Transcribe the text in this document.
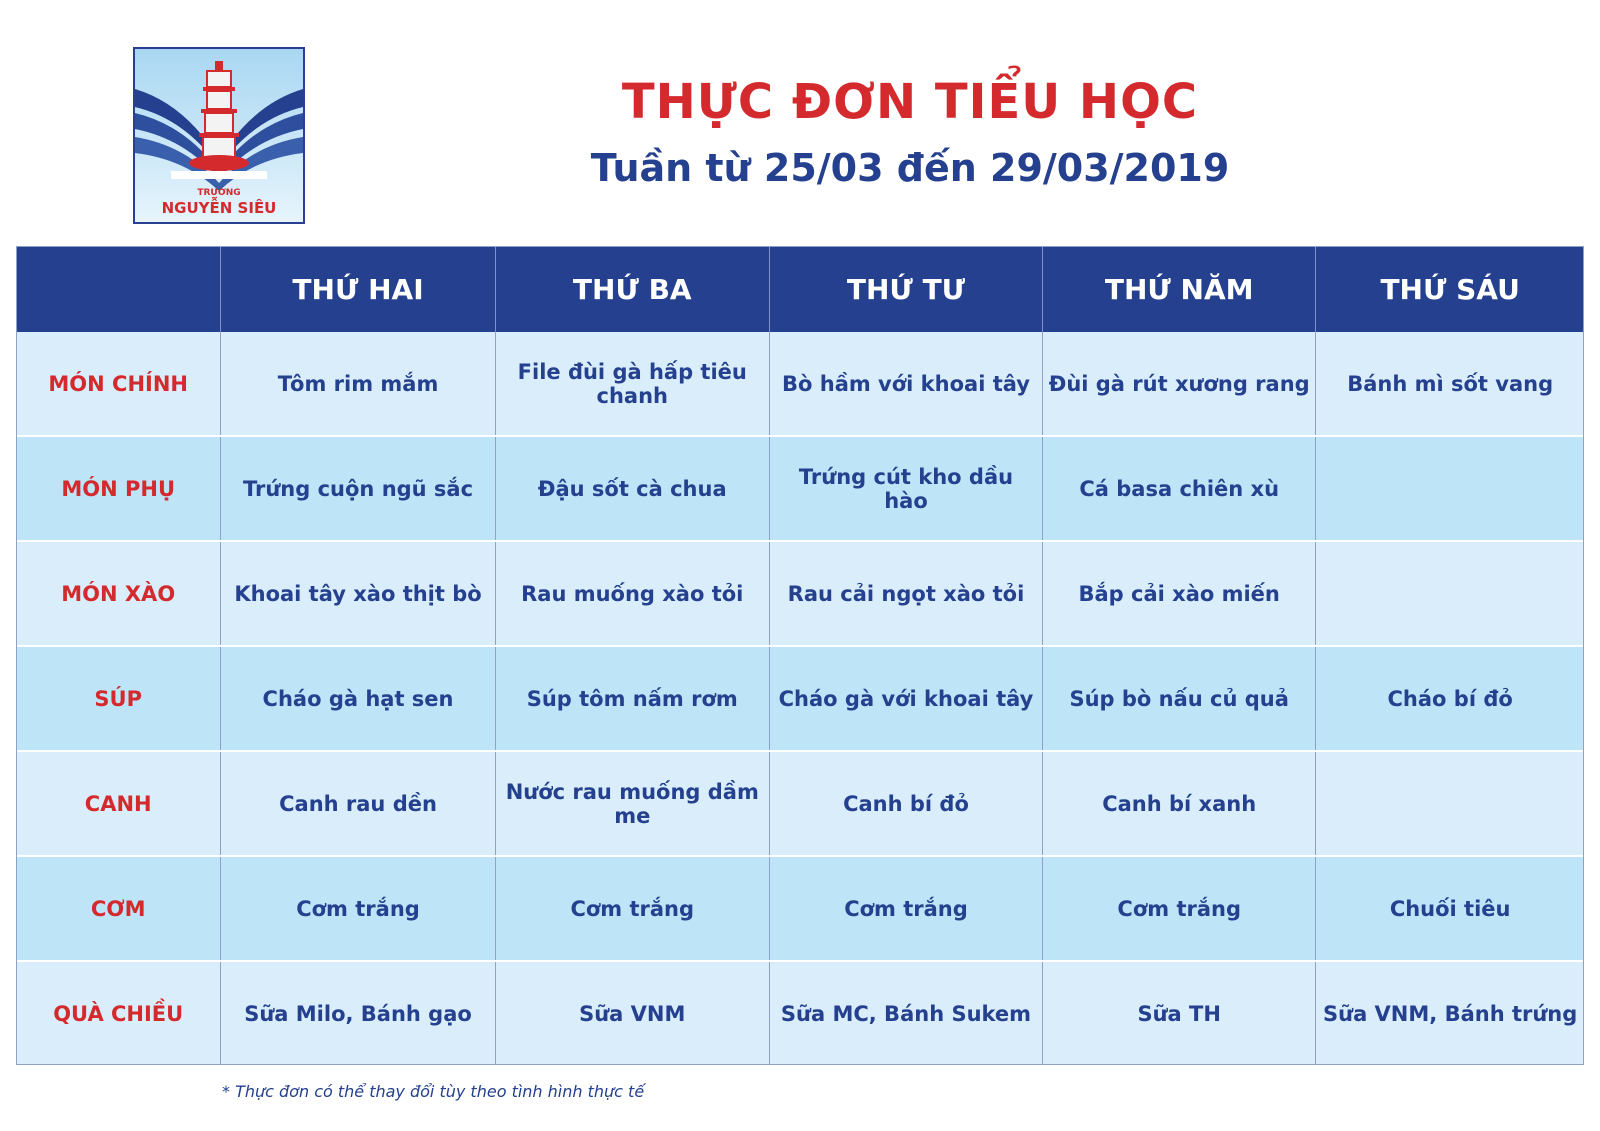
TRƯỜNG
NGUYỄN SIÊU
THỰC ĐƠN TIỂU HỌC
Tuần từ 25/03 đến 29/03/2019
	THỨ HAI	THỨ BA	THỨ TƯ	THỨ NĂM	THỨ SÁU
MÓN CHÍNH	Tôm rim mắm	File đùi gà hấp tiêu chanh	Bò hầm với khoai tây	Đùi gà rút xương rang	Bánh mì sốt vang
MÓN PHỤ	Trứng cuộn ngũ sắc	Đậu sốt cà chua	Trứng cút kho dầu hào	Cá basa chiên xù	
MÓN XÀO	Khoai tây xào thịt bò	Rau muống xào tỏi	Rau cải ngọt xào tỏi	Bắp cải xào miến	
SÚP	Cháo gà hạt sen	Súp tôm nấm rơm	Cháo gà với khoai tây	Súp bò nấu củ quả	Cháo bí đỏ
CANH	Canh rau dền	Nước rau muống dầm me	Canh bí đỏ	Canh bí xanh	
CƠM	Cơm trắng	Cơm trắng	Cơm trắng	Cơm trắng	Chuối tiêu
QUÀ CHIỀU	Sữa Milo, Bánh gạo	Sữa VNM	Sữa MC, Bánh Sukem	Sữa TH	Sữa VNM, Bánh trứng
* Thực đơn có thể thay đổi tùy theo tình hình thực tế
